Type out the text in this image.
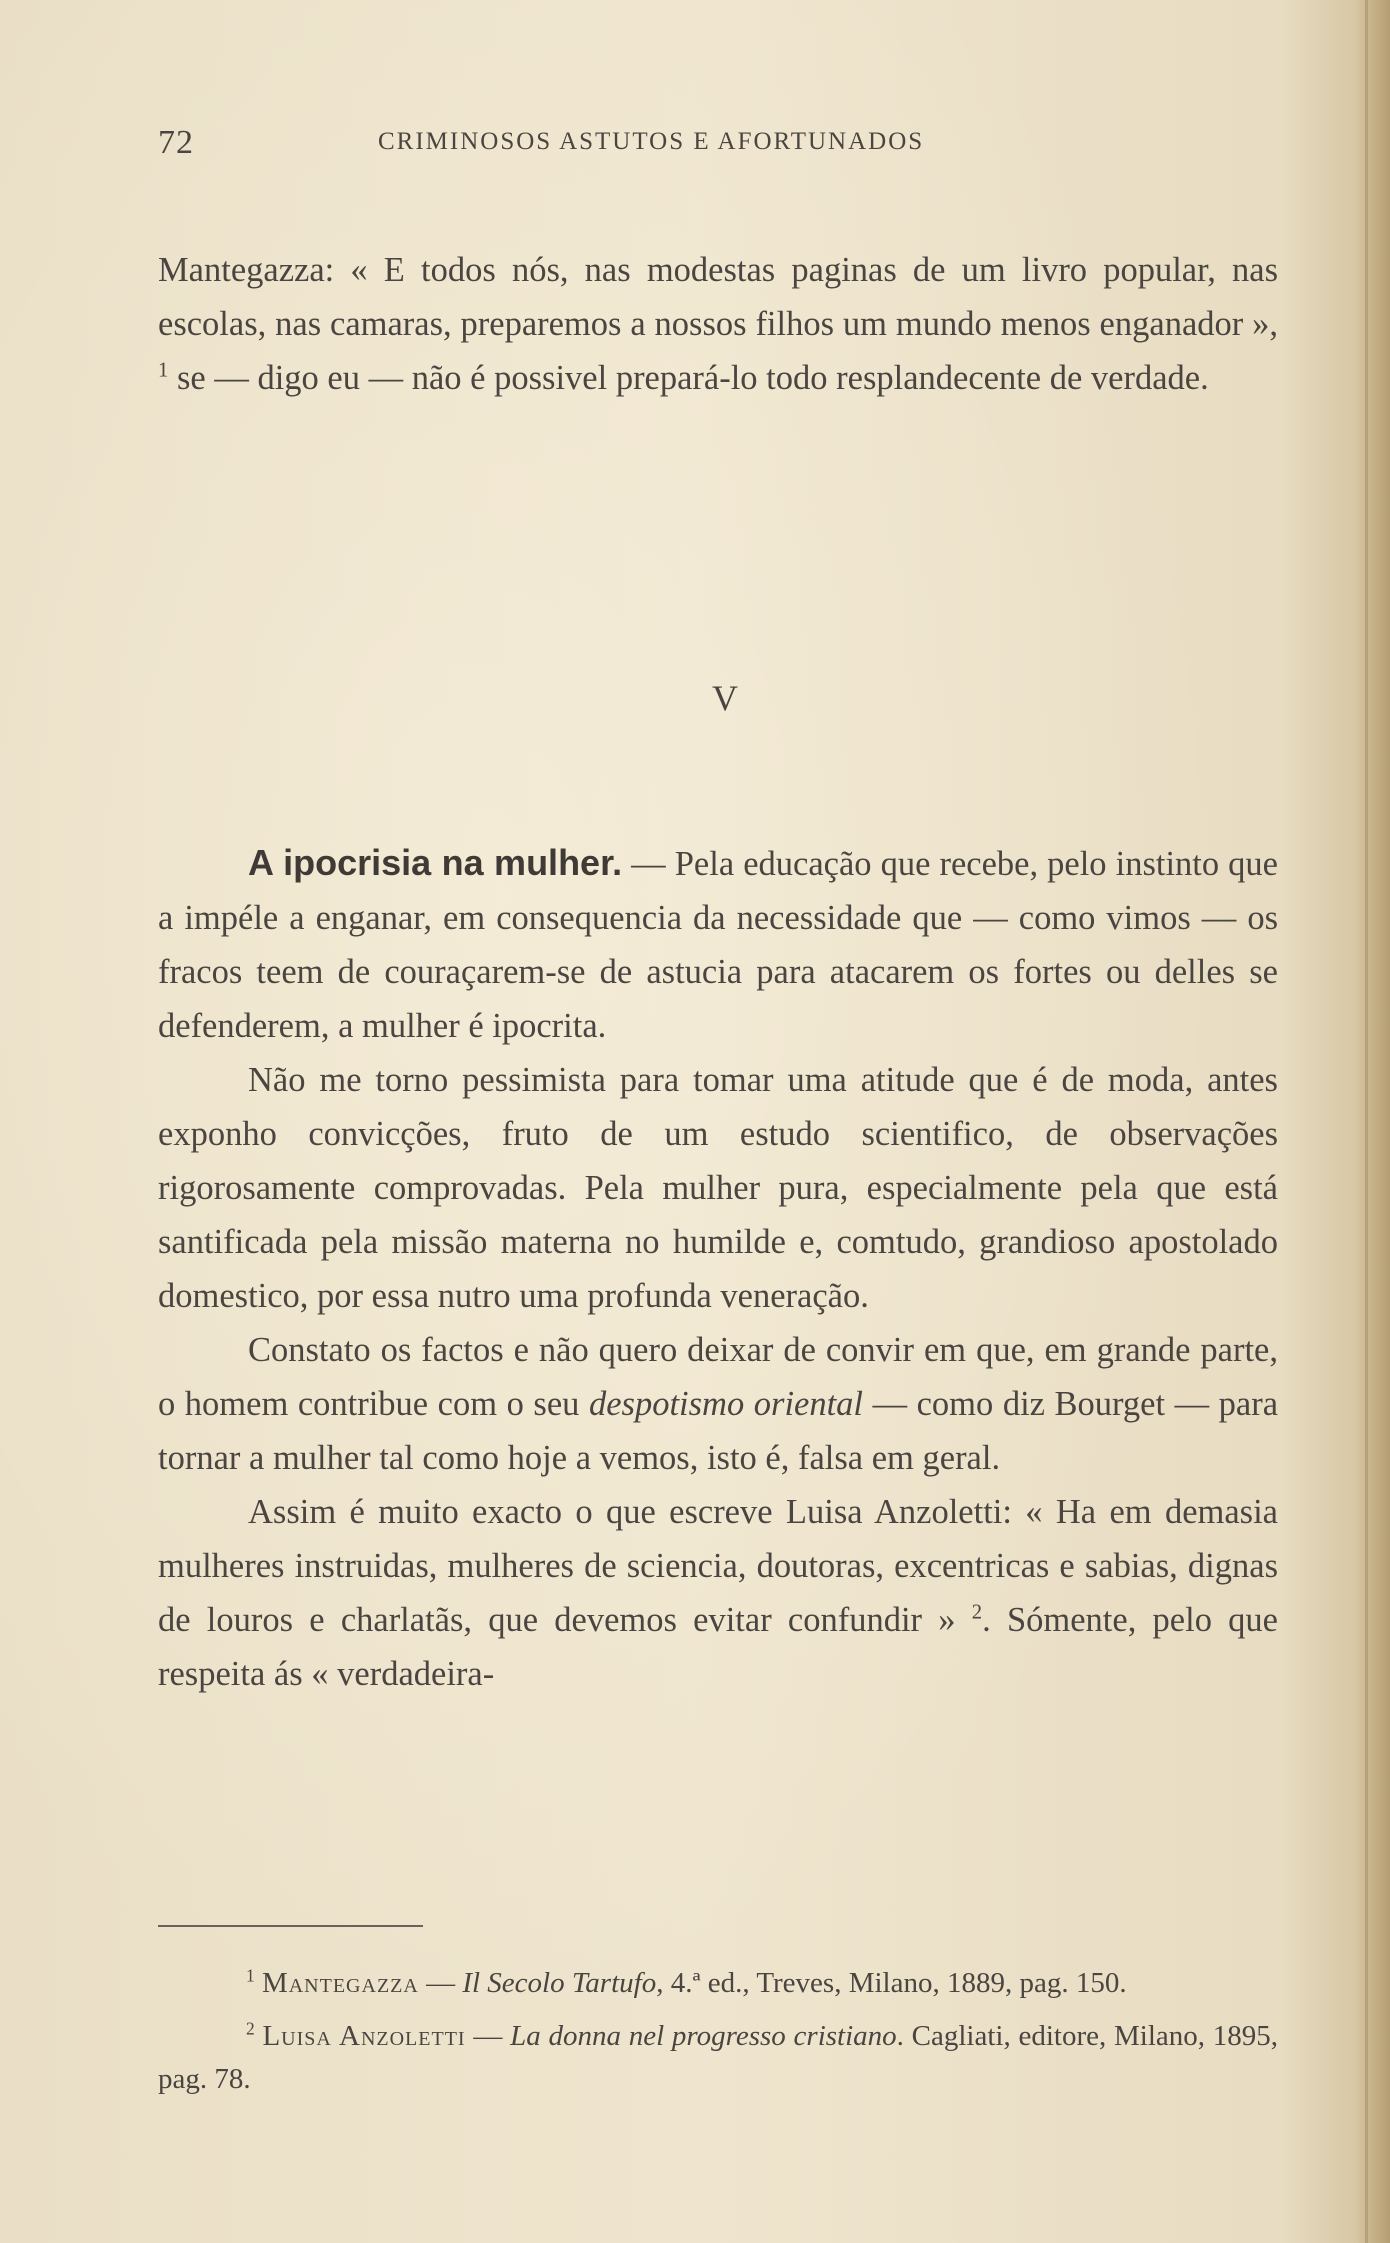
72	CRIMINOSOS ASTUTOS E AFORTUNADOS

Mantegazza: « E todos nós, nas modestas paginas de um livro popular, nas escolas, nas camaras, preparemos a nossos filhos um mundo menos enganador », $^1$ se — digo eu — não é possivel prepará-lo todo resplandecente de verdade.

V

A ipocrisia na mulher. — Pela educação que recebe, pelo instinto que a impéle a enganar, em consequencia da necessidade que — como vimos — os fracos teem de couraçarem-se de astucia para atacarem os fortes ou delles se defenderem, a mulher é ipocrita.

Não me torno pessimista para tomar uma atitude que é de moda, antes exponho convicções, fruto de um estudo scientifico, de observações rigorosamente comprovadas. Pela mulher pura, especialmente pela que está santificada pela missão materna no humilde e, comtudo, grandioso apostolado domestico, por essa nutro uma profunda veneração.

Constato os factos e não quero deixar de convir em que, em grande parte, o homem contribue com o seu despotismo oriental — como diz Bourget — para tornar a mulher tal como hoje a vemos, isto é, falsa em geral.

Assim é muito exacto o que escreve Luisa Anzoletti: « Ha em demasia mulheres instruidas, mulheres de sciencia, doutoras, excentricas e sabias, dignas de louros e charlatãs, que devemos evitar confundir » $^2$. Sómente, pelo que respeita ás « verdadeira-

$^1$ Mantegazza — Il Secolo Tartufo, 4.ª ed., Treves, Milano, 1889, pag. 150.

$^2$ Luisa Anzoletti — La donna nel progresso cristiano. Cagliati, editore, Milano, 1895, pag. 78.
